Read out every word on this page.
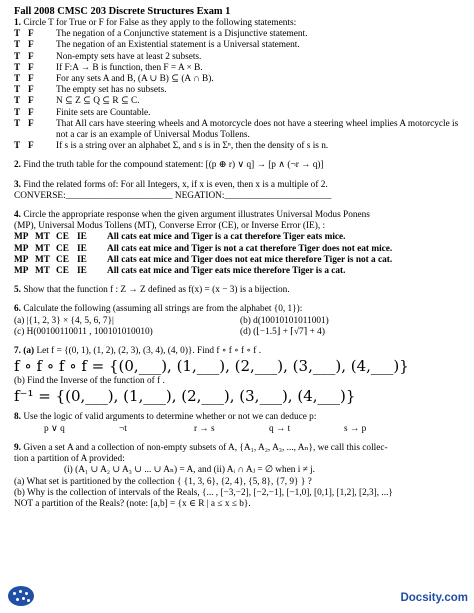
Fall 2008 CMSC 203 Discrete Structures Exam 1
1. Circle T for True or F for False as they apply to the following statements:
T F	The negation of a Conjunctive statement is a Disjunctive statement.
T F	The negation of an Existential statement is a Universal statement.
T F	Non-empty sets have at least 2 subsets.
T F	If F:A → B is function, then F = A × B.
T F	For any sets A and B, (A ∪ B) ⊆ (A ∩ B).
T F	The empty set has no subsets.
T F	N ⊆ Z ⊆ Q ⊆ R ⊆ C.
T F	Finite sets are Countable.
T F	That All cars have steering wheels and A motorcycle does not have a steering wheel implies A motorcycle is not a car is an example of Universal Modus Tollens.
T F	If s is a string over an alphabet Σ, and s is in Σⁿ, then the density of s is n.
2. Find the truth table for the compound statement: [(p ⊕ r) ∨ q] → [p ∧ (¬r → q)]
3. Find the related forms of: For all Integers, x, if x is even, then x is a multiple of 2.
CONVERSE:_______________________ NEGATION:_______________________
4. Circle the appropriate response when the given argument illustrates Universal Modus Ponens
(MP), Universal Modus Tollens (MT), Converse Error (CE), or Inverse Error (IE), :
MP MT CE IE	All cats eat mice and Tiger is a cat therefore Tiger eats mice.
MP MT CE IE	All cats eat mice and Tiger is not a cat therefore Tiger does not eat mice.
MP MT CE IE	All cats eat mice and Tiger does not eat mice therefore Tiger is not a cat.
MP MT CE IE	All cats eat mice and Tiger eats mice therefore Tiger is a cat.
5. Show that the function f : Z → Z defined as f(x) = (x − 3) is a bijection.
6. Calculate the following (assuming all strings are from the alphabet {0, 1}):
(a) |{1, 2, 3} × {4, 5, 6, 7}|	(b) d(10010101011001)
(c) H(00100110011 , 100101010010)	(d) (⌊−1.5⌋ + ⌈√7⌉ + 4)
7. (a) Let f = {(0, 1), (1, 2), (2, 3), (3, 4), (4, 0)}. Find f ∘ f ∘ f ∘ f .
f ∘ f ∘ f ∘ f = {(0,___), (1,___), (2,___), (3,___), (4,___)}
(b) Find the Inverse of the function of f .
f⁻¹ = {(0,___), (1,___), (2,___), (3,___), (4,___)}
8. Use the logic of valid arguments to determine whether or not we can deduce p:
p ∨ q	¬t	r → s	q → t	s → p
9. Given a set A and a collection of non-empty subsets of A, {A₁, A₂, A₃, ..., Aₙ}, we call this collec-
tion a partition of A provided:
(i) (A₁ ∪ A₂ ∪ A₃ ∪ ... ∪ Aₙ) = A, and (ii) Aᵢ ∩ Aⱼ = ∅ when i ≠ j.
(a) What set is partitioned by the collection { {1, 3, 6}, {2, 4}, {5, 8}, {7, 9} } ?
(b) Why is the collection of intervals of the Reals, {... , [−3,−2], [−2,−1], [−1,0], [0,1], [1,2], [2,3], ...}
NOT a partition of the Reals? (note: [a,b] = {x ∈ R | a ≤ x ≤ b}.
Docsity.com
